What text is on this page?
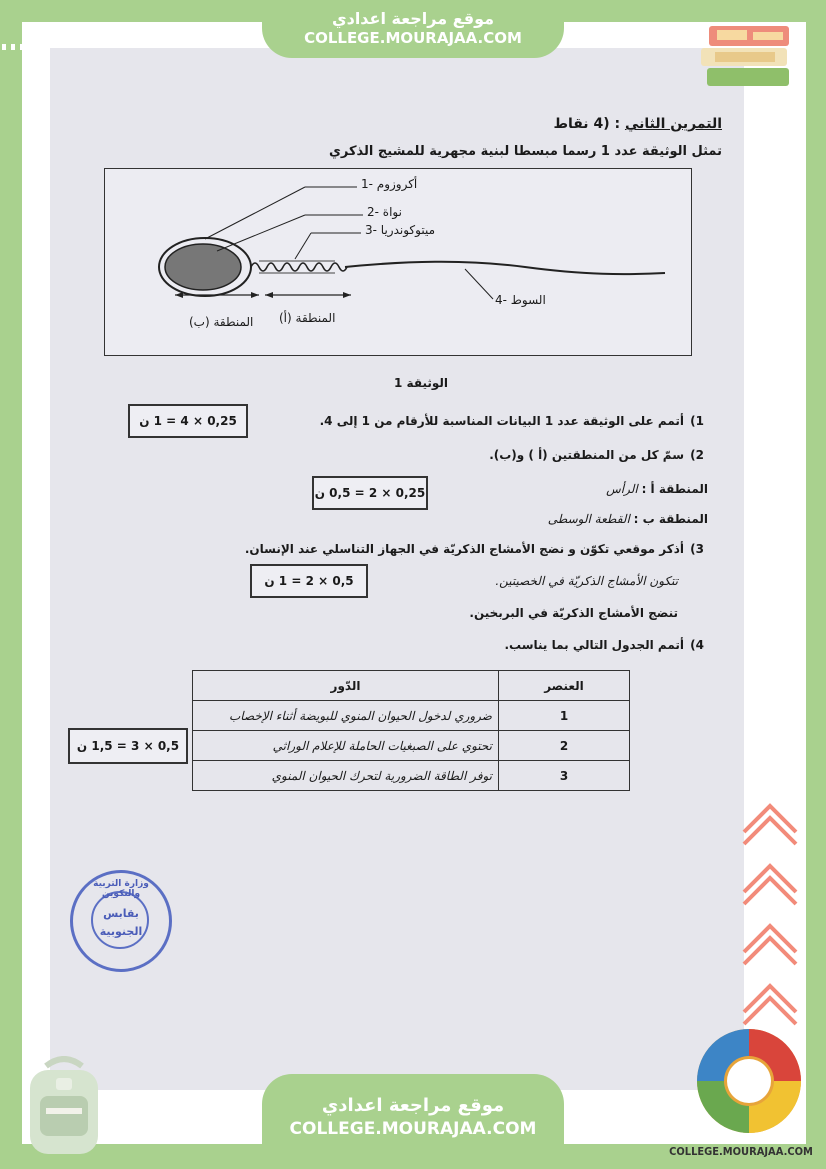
التمرين الثاني : (4 نقاط
تمثل الوثيقة عدد 1 رسما مبسطا لبنية مجهرية للمشيج الذكري
أكروزوم -1
نواة -2
ميتوكوندريا -3
السوط -4
المنطقة (ب) المنطقة (أ)
الوثيقة 1
1)
أتمم على الوثيقة عدد 1 البيانات المناسبة للأرقام من 1 إلى 4.
0,25 × 4 = 1 ن
2)
سمّ كل من المنطقتين (أ ) و(ب).
0,25 × 2 = 0,5 ن	المنطقة أ : الرأس
المنطقة ب : القطعة الوسطى
3)
أذكر موقعي تكوّن و نضج الأمشاج الذكريّة في الجهاز التناسلي عند الإنسان.
0,5 × 2 = 1 ن	تتكون الأمشاج الذكريّة في الخصيتين.
تنضج الأمشاج الذكريّة في البربخين.
4)
أتمم الجدول التالي بما يناسب.
0,5 × 3 = 1,5 ن
العنصر	الدّور
1	ضروري لدخول الحيوان المنوي للبويضة أثناء الإخصاب
2	تحتوي على الصبغيات الحاملة للإعلام الوراثي
3	توفر الطاقة الضرورية لتحرك الحيوان المنوي
وزارة التربية والتكوين
بقابس
الجنوبية
موقع مراجعة اعدادي
COLLEGE.MOURAJAA.COM
موقع مراجعة اعدادي
COLLEGE.MOURAJAA.COM
COLLEGE.MOURAJAA.COM
